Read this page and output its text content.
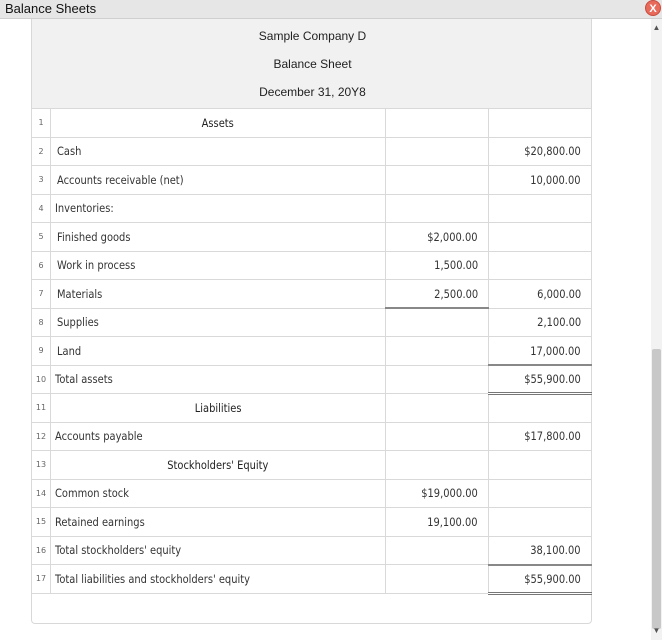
Balance Sheets	X
▲
▼
Sample Company D
Balance Sheet
December 31, 20Y8
1	Assets		
2	Cash		$20,800.00
3	Accounts receivable (net)		10,000.00
4	Inventories:		
5	Finished goods	$2,000.00	
6	Work in process	1,500.00	
7	Materials	2,500.00	6,000.00
8	Supplies		2,100.00
9	Land		17,000.00
10	Total assets		$55,900.00
11	Liabilities		
12	Accounts payable		$17,800.00
13	Stockholders' Equity		
14	Common stock	$19,000.00	
15	Retained earnings	19,100.00	
16	Total stockholders' equity		38,100.00
17	Total liabilities and stockholders' equity		$55,900.00
